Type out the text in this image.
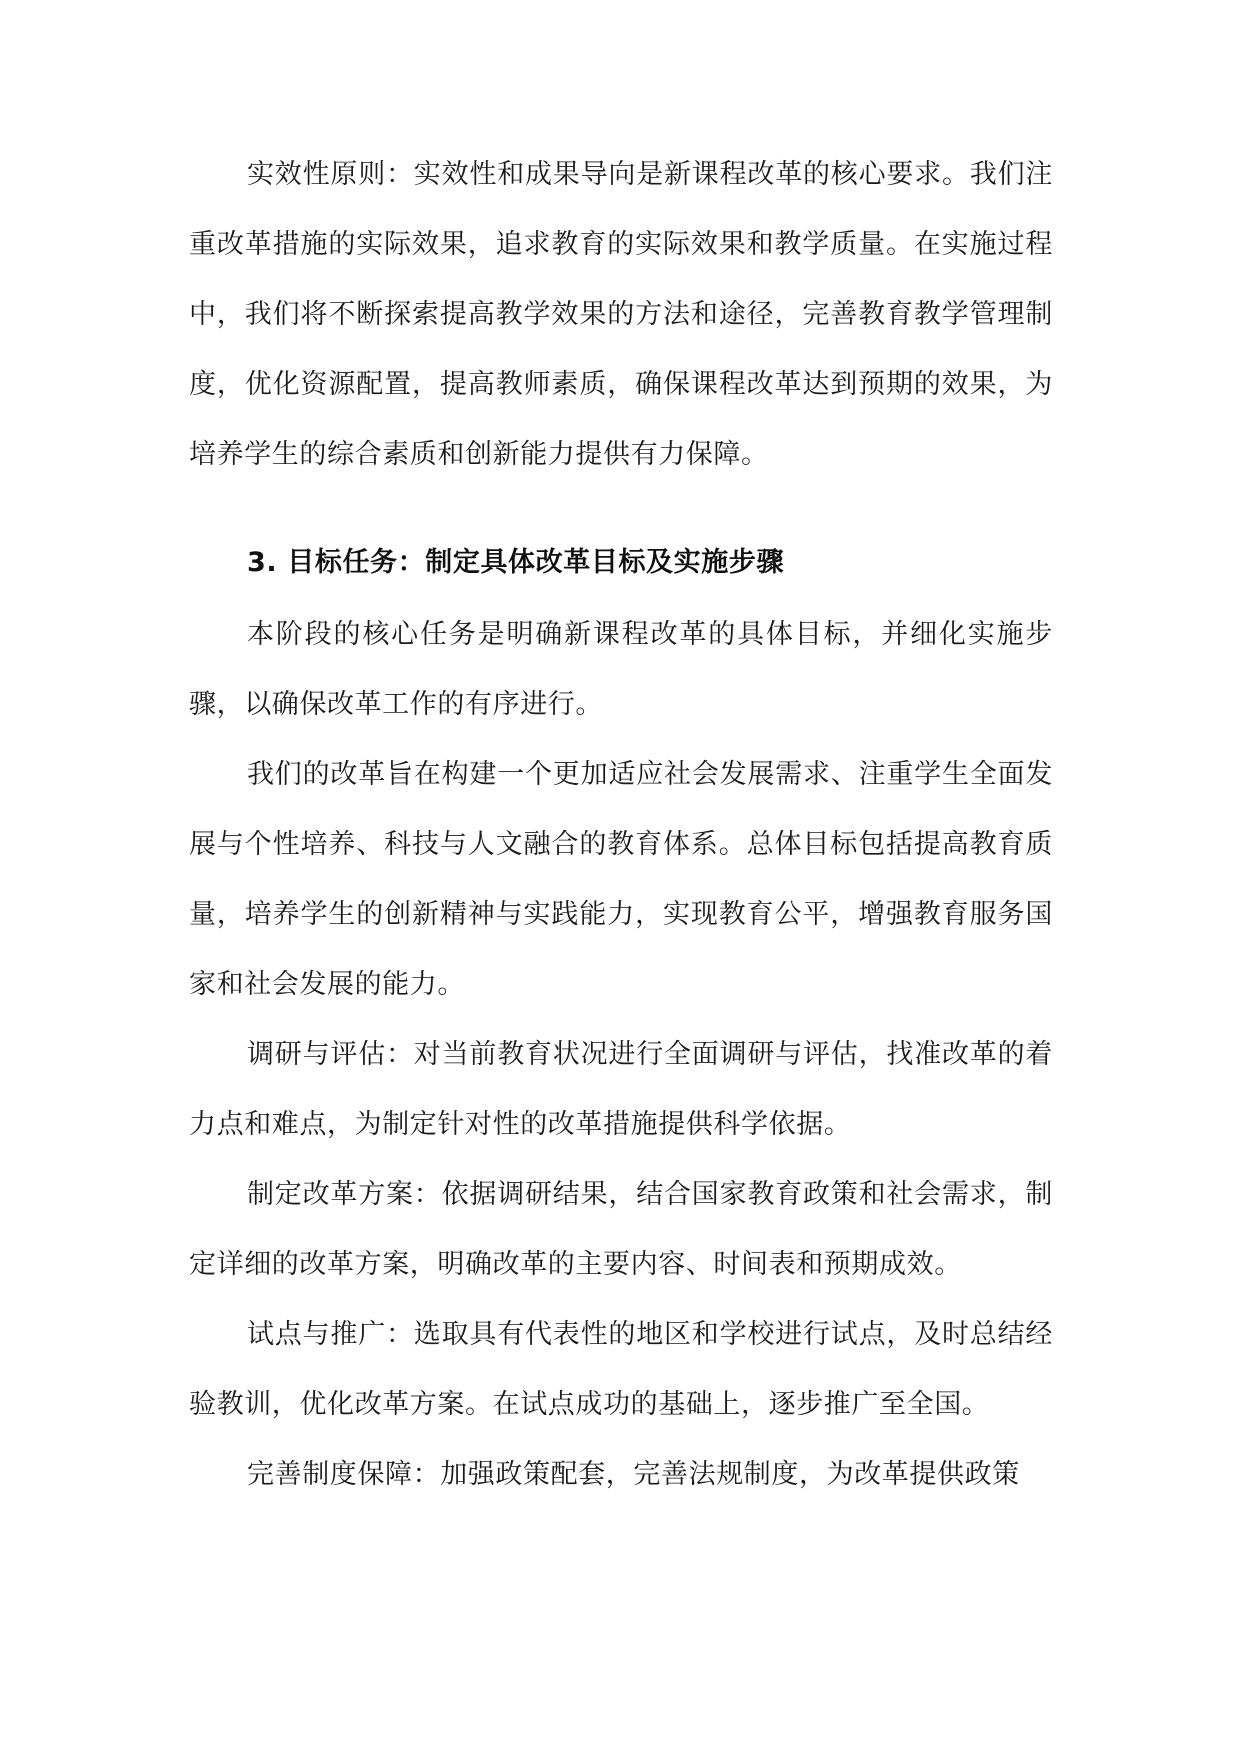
实效性原则：实效性和成果导向是新课程改革的核心要求。我们注重改革措施的实际效果，追求教育的实际效果和教学质量。在实施过程中，我们将不断探索提高教学效果的方法和途径，完善教育教学管理制度，优化资源配置，提高教师素质，确保课程改革达到预期的效果，为培养学生的综合素质和创新能力提供有力保障。

3. 目标任务：制定具体改革目标及实施步骤

本阶段的核心任务是明确新课程改革的具体目标，并细化实施步骤，以确保改革工作的有序进行。

我们的改革旨在构建一个更加适应社会发展需求、注重学生全面发展与个性培养、科技与人文融合的教育体系。总体目标包括提高教育质量，培养学生的创新精神与实践能力，实现教育公平，增强教育服务国家和社会发展的能力。

调研与评估：对当前教育状况进行全面调研与评估，找准改革的着力点和难点，为制定针对性的改革措施提供科学依据。

制定改革方案：依据调研结果，结合国家教育政策和社会需求，制定详细的改革方案，明确改革的主要内容、时间表和预期成效。

试点与推广：选取具有代表性的地区和学校进行试点，及时总结经验教训，优化改革方案。在试点成功的基础上，逐步推广至全国。

完善制度保障：加强政策配套，完善法规制度，为改革提供政策
